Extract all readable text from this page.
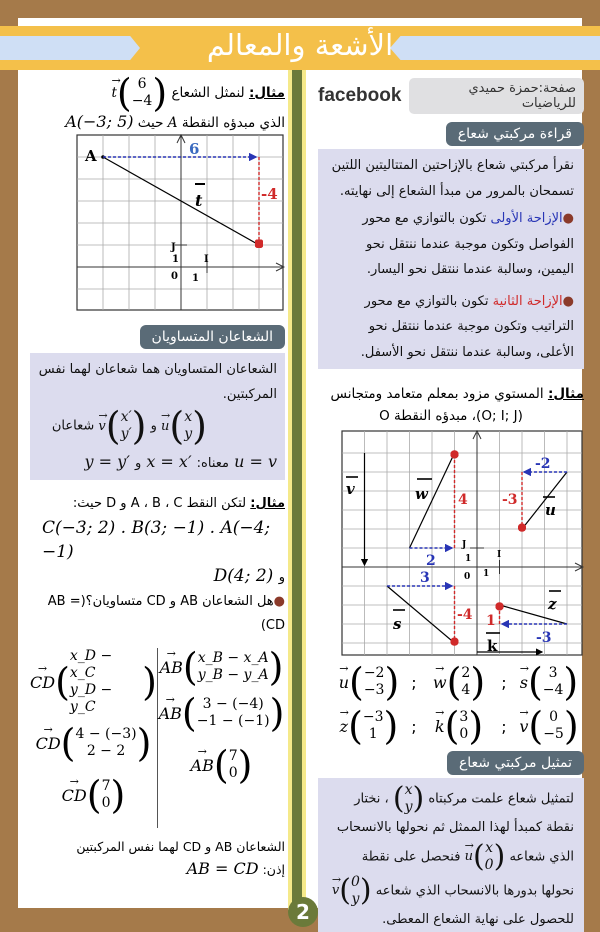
الأشعة والمعالم
2
facebook	صفحة:حمزة حميدي للرياضيات
قراءة مركبتي شعاع
نقرأ مركبتي شعاع بالإزاحتين المتتاليتين اللتين تسمحان بالمرور من مبدأ الشعاع إلى نهايته.
●الإزاحة الأولى تكون بالتوازي مع محور الفواصل وتكون موجبة عندما ننتقل نحو اليمين، وسالبة عندما ننتقل نحو اليسار.
●الإزاحة الثانية تكون بالتوازي مع محور التراتيب وتكون موجبة عندما ننتقل نحو الأعلى، وسالبة عندما ننتقل نحو الأسفل.
مثال: المستوي مزود بمعلم متعامد ومتجانس
(O; I; J)، مبدؤه النقطة O
v	w
u
s
z
k
J
1
0 1
I
2
4
-2
-3
3
-4
-3
1
→ u ( −2
−3 ) ; → w ( 2
4 ) ; → s ( 3
−4 )
→ z ( −3
1 ) ; → k ( 3
0 ) ; → v ( 0
−5 )
تمثيل مركبتي شعاع
لتمثيل شعاع علمت مركبتاه
( x
y )
، نختار نقطة كمبدأ لهذا الممثل ثم نحولها بالانسحاب الذي شعاعه
→ u ( x
0 )
فنحصل على نقطة نحولها بدورها بالانسحاب الذي شعاعه
→ v ( 0
y )
للحصول على نهاية الشعاع المعطى.
مثال: لنمثل الشعاع
→ t ( 6
−4 )
الذي مبدؤه النقطة A حيث A(−3; 5)
A	6
-4
t
J
1
0 1
I
الشعاعان المتساويان
الشعاعان المتساويان هما شعاعان لهما نفس المركبتين.
→ u ( x
y )
و
→ v ( x′
y′ )
شعاعان
u = v معناه: x = x′ و y = y′
مثال: لتكن النقط A ، B ، C و D حيث:
C(−3; 2) . B(3; −1) . A(−4; −1)
و D(4; 2)
●هل الشعاعان AB و CD متساويان؟(AB = CD)
→ CD (
x_D − x_C
y_D − y_C
)
→ CD ( 4 − (−3)
2 − 2 )
→ CD ( 7
0 )
→ AB ( x_B − x_A
y_B − y_A )
→ AB ( 3 − (−4)
−1 − (−1) )
→ AB ( 7
0 )
الشعاعان AB و CD لهما نفس المركبتين
إذن: AB = CD
